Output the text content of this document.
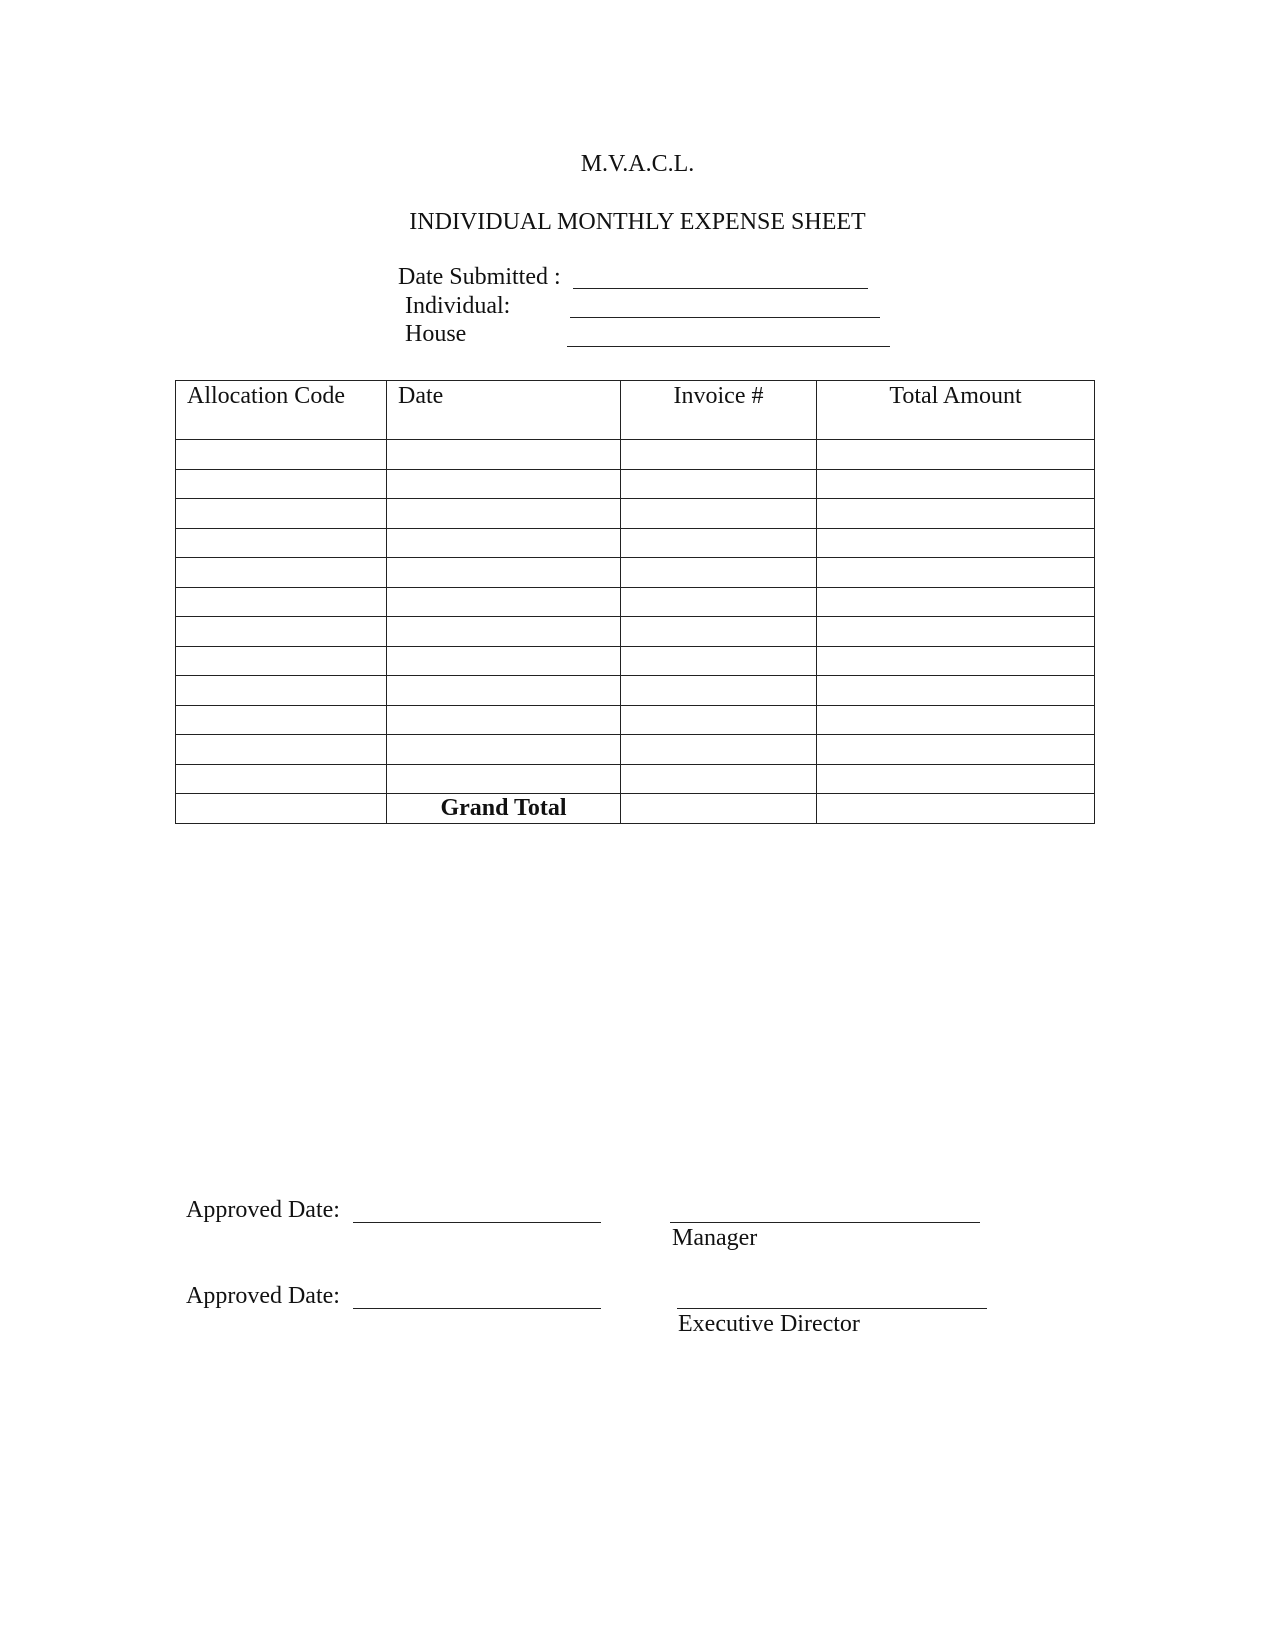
M.V.A.C.L.
INDIVIDUAL MONTHLY EXPENSE SHEET
Date Submitted :
Individual:
House
Allocation Code	Date	Invoice #	Total Amount

	Grand Total		
Approved Date:
Manager
Approved Date:
Executive Director
